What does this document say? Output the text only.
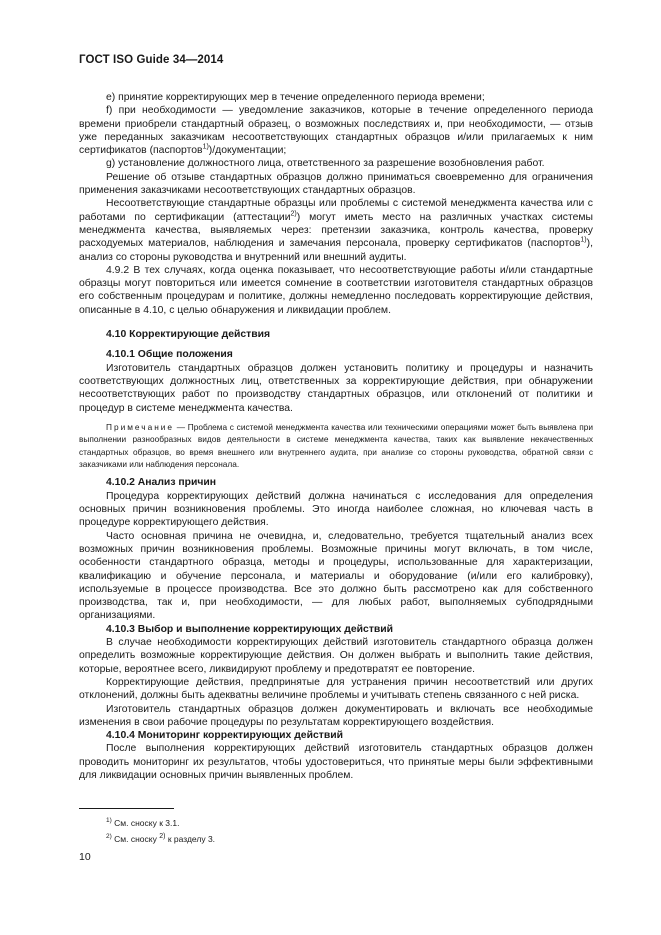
ГОСТ ISO Guide 34—2014

е) принятие корректирующих мер в течение определенного периода времени;

f) при необходимости — уведомление заказчиков, которые в течение определенного периода времени приобрели стандартный образец, о возможных последствиях и, при необходимости, — отзыв уже переданных заказчикам несоответствующих стандартных образцов и/или прилагаемых к ним сертификатов (паспортов$^{1)}$)/документации;

g) установление должностного лица, ответственного за разрешение возобновления работ.

Решение об отзыве стандартных образцов должно приниматься своевременно для ограничения применения заказчиками несоответствующих стандартных образцов.

Несоответствующие стандартные образцы или проблемы с системой менеджмента качества или с работами по сертификации (аттестации$^{2)}$) могут иметь место на различных участках системы менеджмента качества, выявляемых через: претензии заказчика, контроль качества, проверку расходуемых материалов, наблюдения и замечания персонала, проверку сертификатов (паспортов$^{1)}$), анализ со стороны руководства и внутренний или внешний аудиты.

4.9.2 В тех случаях, когда оценка показывает, что несоответствующие работы и/или стандартные образцы могут повториться или имеется сомнение в соответствии изготовителя стандартных образцов его собственным процедурам и политике, должны немедленно последовать корректирующие действия, описанные в 4.10, с целью обнаружения и ликвидации проблем.

4.10 Корректирующие действия
4.10.1 Общие положения

Изготовитель стандартных образцов должен установить политику и процедуры и назначить соответствующих должностных лиц, ответственных за корректирующие действия, при обнаружении несоответствующих работ по производству стандартных образцов, или отклонений от политики и процедур в системе менеджмента качества.

Примечание — Проблема с системой менеджмента качества или техническими операциями может быть выявлена при выполнении разнообразных видов деятельности в системе менеджмента качества, таких как выявление некачественных стандартных образцов, во время внешнего или внутреннего аудита, при анализе со стороны руководства, обратной связи с заказчиками или наблюдения персонала.
4.10.2 Анализ причин

Процедура корректирующих действий должна начинаться с исследования для определения основных причин возникновения проблемы. Это иногда наиболее сложная, но ключевая часть в процедуре корректирующего действия.

Часто основная причина не очевидна, и, следовательно, требуется тщательный анализ всех возможных причин возникновения проблемы. Возможные причины могут включать, в том числе, особенности стандартного образца, методы и процедуры, использованные для характеризации, квалификацию и обучение персонала, и материалы и оборудование (и/или его калибровку), используемые в процессе производства. Все это должно быть рассмотрено как для собственного производства, так и, при необходимости, — для любых работ, выполняемых субподрядными организациями.

4.10.3 Выбор и выполнение корректирующих действий

В случае необходимости корректирующих действий изготовитель стандартного образца должен определить возможные корректирующие действия. Он должен выбрать и выполнить такие действия, которые, вероятнее всего, ликвидируют проблему и предотвратят ее повторение.

Корректирующие действия, предпринятые для устранения причин несоответствий или других отклонений, должны быть адекватны величине проблемы и учитывать степень связанного с ней риска.

Изготовитель стандартных образцов должен документировать и включать все необходимые изменения в свои рабочие процедуры по результатам корректирующего воздействия.

4.10.4 Мониторинг корректирующих действий

После выполнения корректирующих действий изготовитель стандартных образцов должен проводить мониторинг их результатов, чтобы удостовериться, что принятые меры были эффективными для ликвидации основных причин выявленных проблем.

$^{1)}$ См. сноску к 3.1.
$^{2)}$ См. сноску $^{2)}$ к разделу 3.
10
